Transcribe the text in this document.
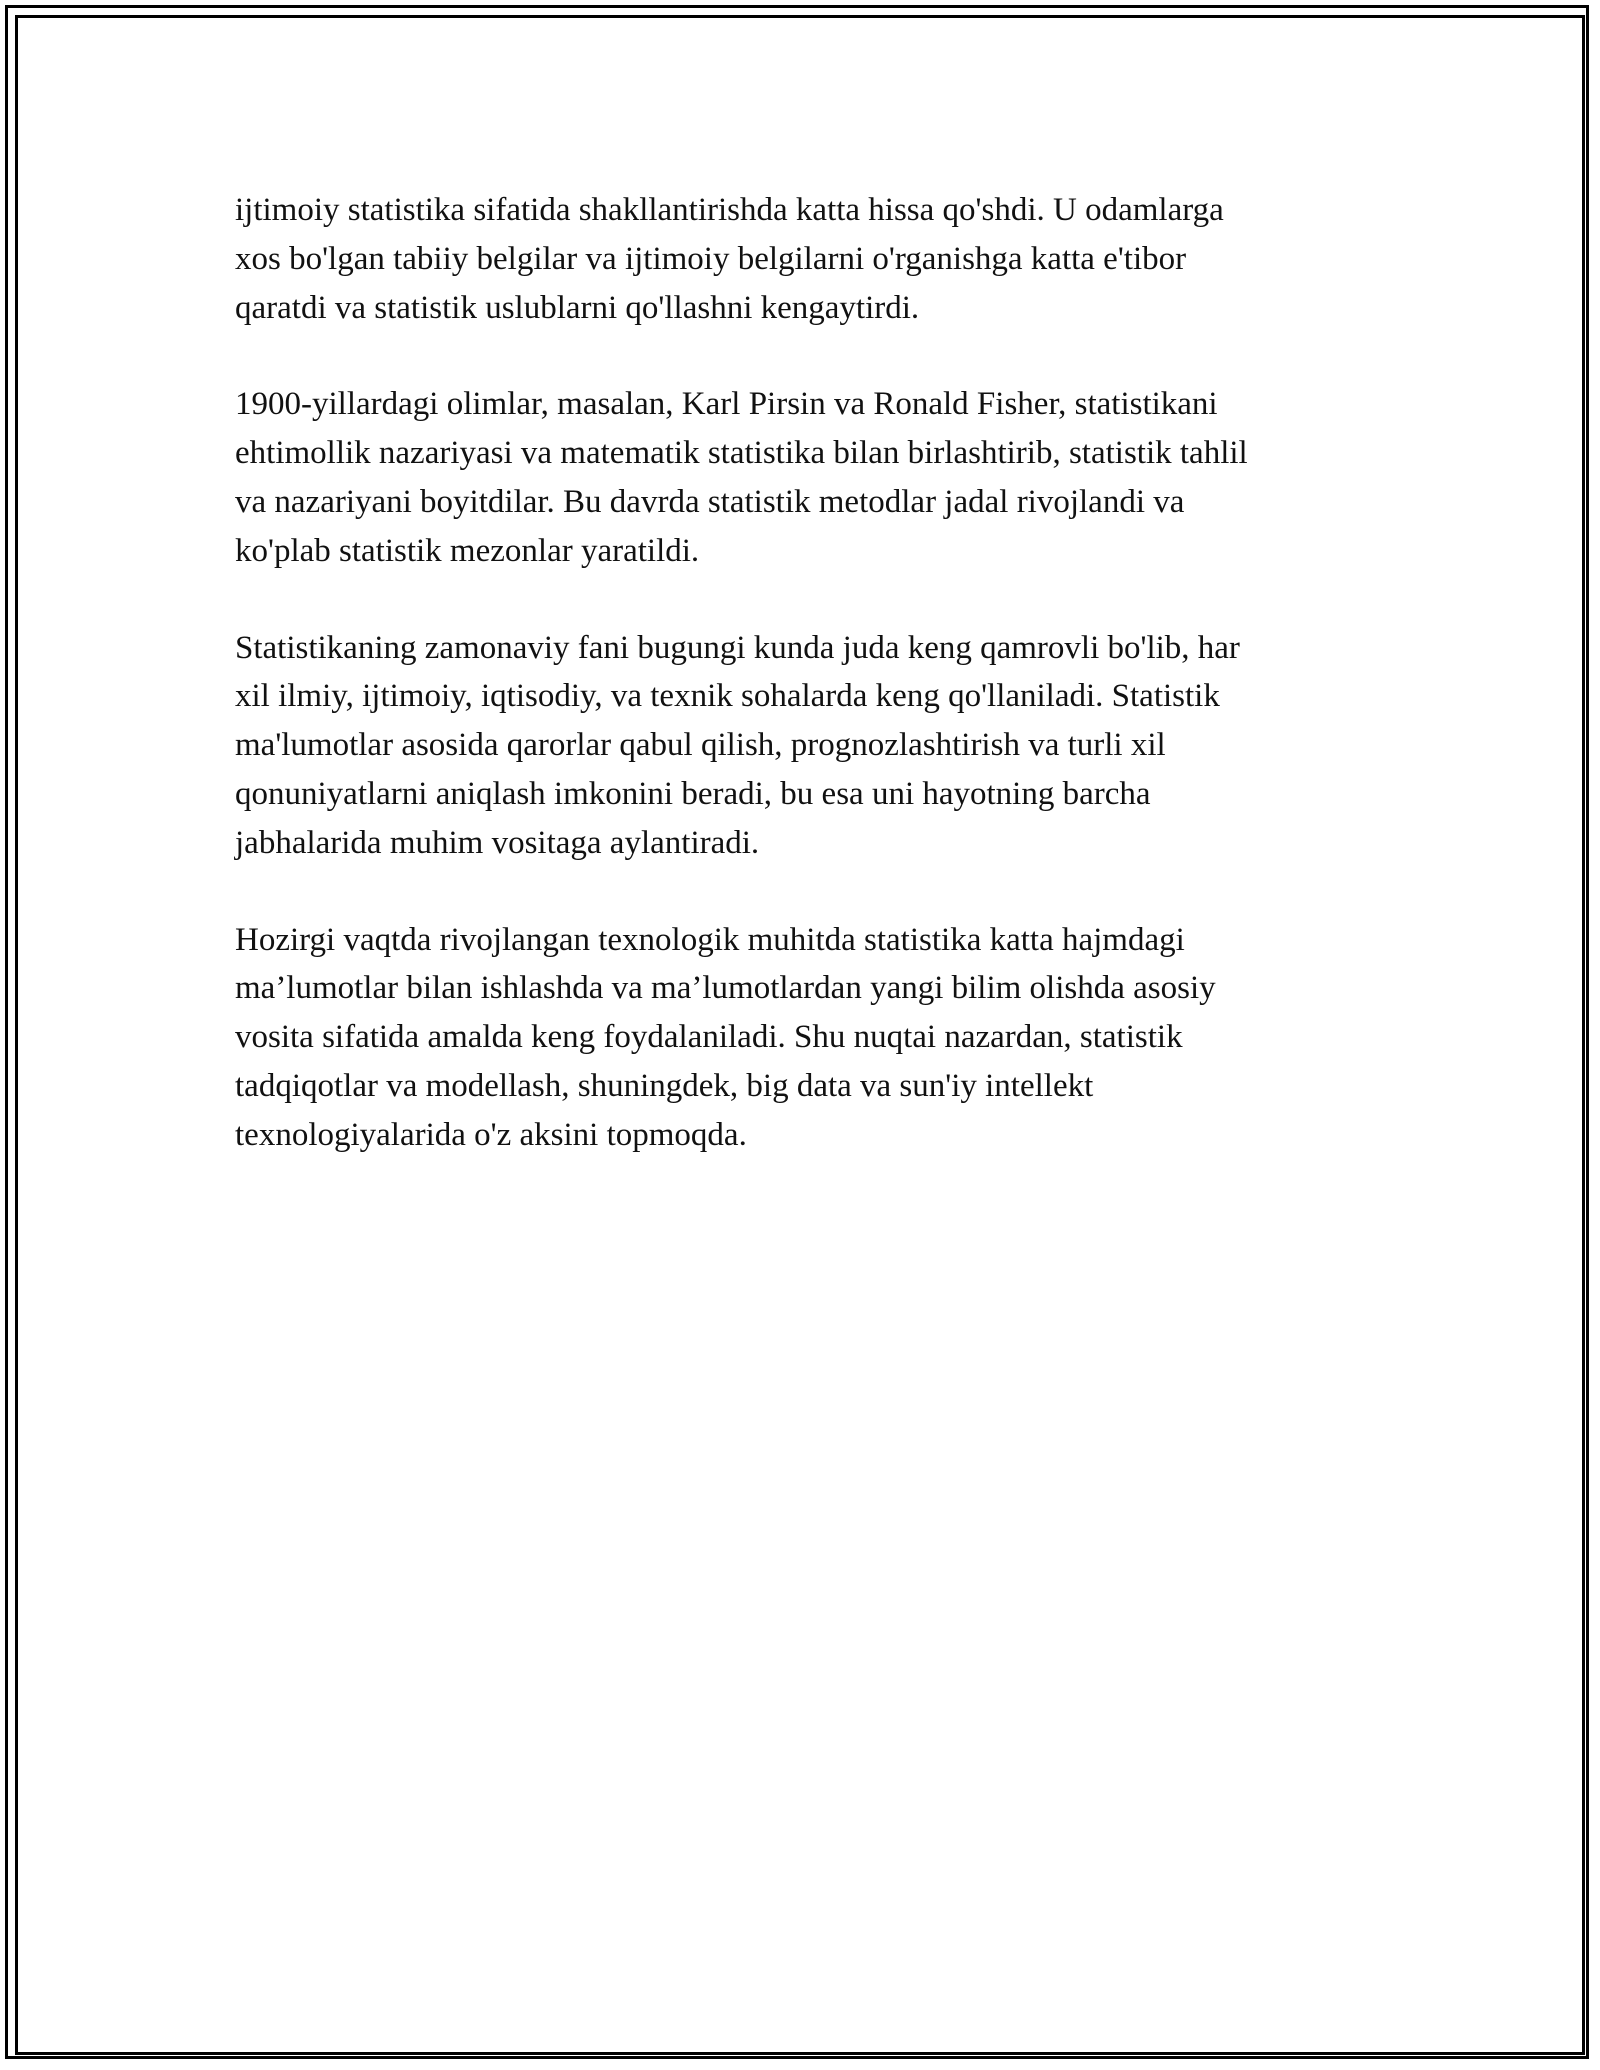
ijtimoiy statistika sifatida shakllantirishda katta hissa qo'shdi. U odamlarga
xos bo'lgan tabiiy belgilar va ijtimoiy belgilarni o'rganishga katta e'tibor
qaratdi va statistik uslublarni qo'llashni kengaytirdi.

1900-yillardagi olimlar, masalan, Karl Pirsin va Ronald Fisher, statistikani
ehtimollik nazariyasi va matematik statistika bilan birlashtirib, statistik tahlil
va nazariyani boyitdilar. Bu davrda statistik metodlar jadal rivojlandi va
ko'plab statistik mezonlar yaratildi.

Statistikaning zamonaviy fani bugungi kunda juda keng qamrovli bo'lib, har
xil ilmiy, ijtimoiy, iqtisodiy, va texnik sohalarda keng qo'llaniladi. Statistik
ma'lumotlar asosida qarorlar qabul qilish, prognozlashtirish va turli xil
qonuniyatlarni aniqlash imkonini beradi, bu esa uni hayotning barcha
jabhalarida muhim vositaga aylantiradi.

Hozirgi vaqtda rivojlangan texnologik muhitda statistika katta hajmdagi
ma’lumotlar bilan ishlashda va ma’lumotlardan yangi bilim olishda asosiy
vosita sifatida amalda keng foydalaniladi. Shu nuqtai nazardan, statistik
tadqiqotlar va modellash, shuningdek, big data va sun'iy intellekt
texnologiyalarida o'z aksini topmoqda.
